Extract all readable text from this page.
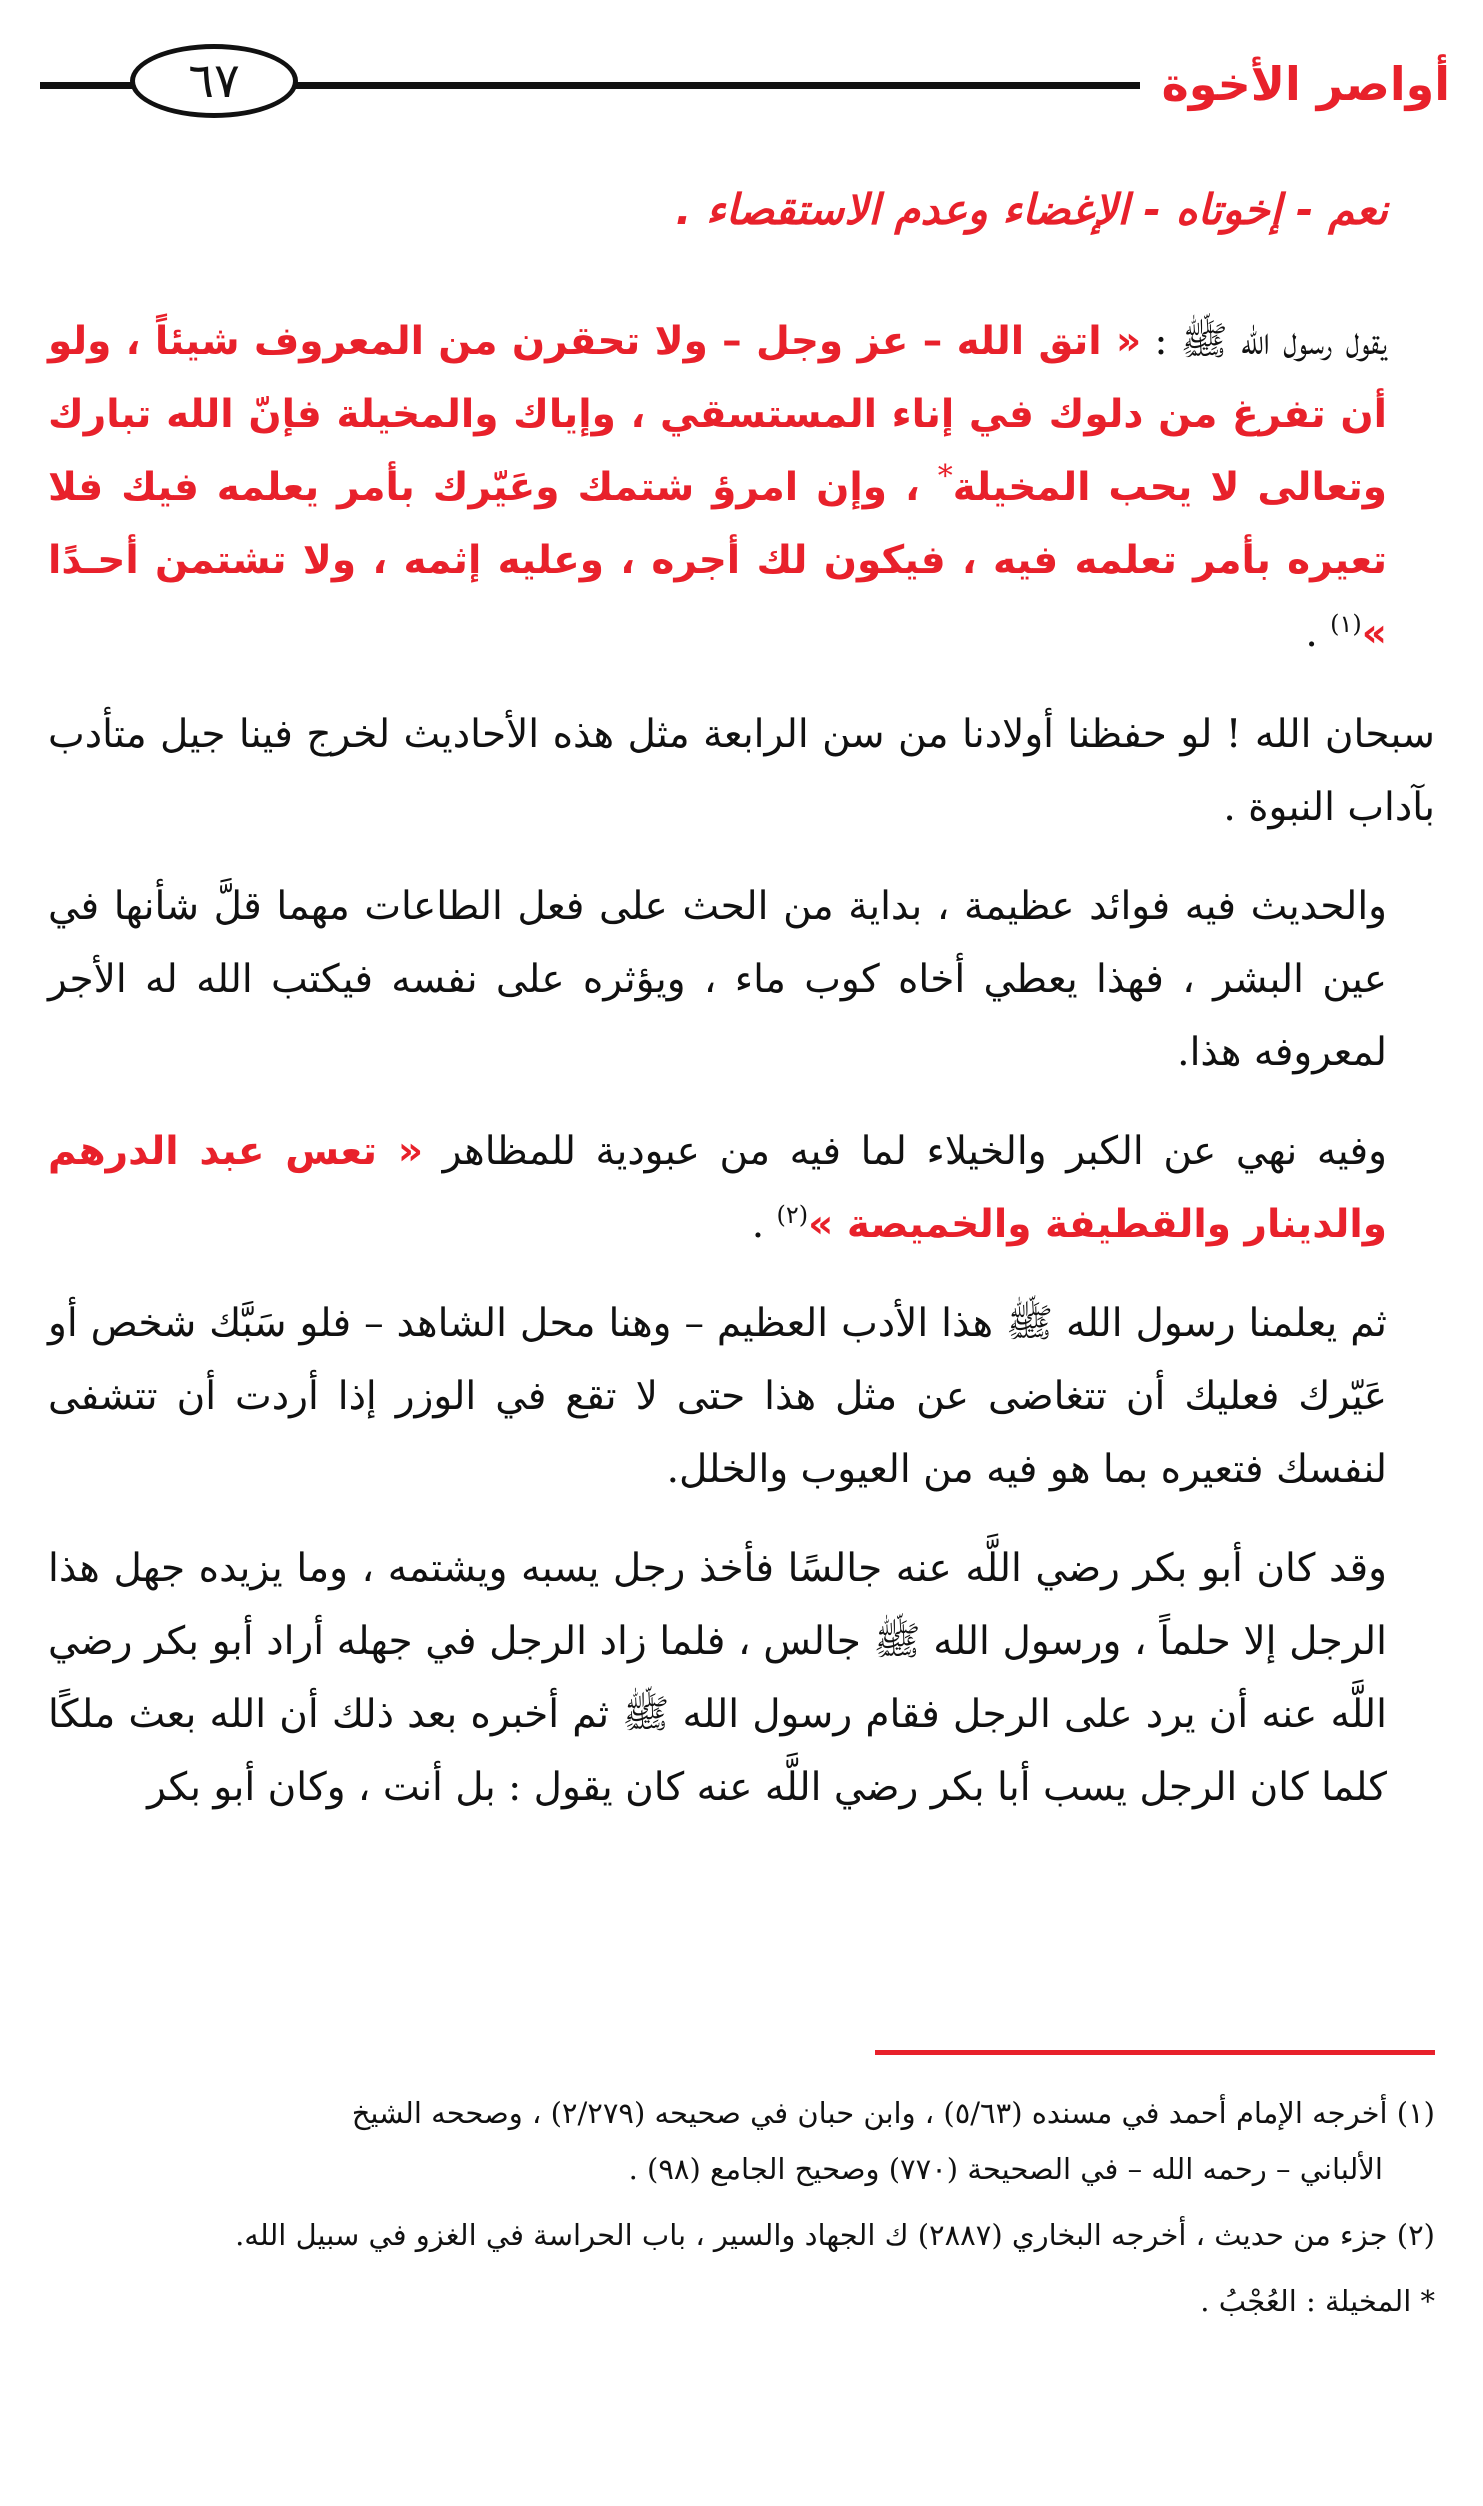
أواصر الأخوة
٦٧
نعم - إخوتاه - الإغضاء وعدم الاستقصاء .

يقول رسول الله ﷺ : « اتق الله – عز وجل – ولا تحقرن من المعروف شيئاً ، ولو أن تفرغ من دلوك في إناء المستسقي ، وإياك والمخيلة فإنّ الله تبارك وتعالى لا يحب المخيلة* ، وإن امرؤ شتمك وعَيّرك بأمر يعلمه فيك فلا تعيره بأمر تعلمه فيه ، فيكون لك أجره ، وعليه إثمه ، ولا تشتمن أحـدًا »$^{(١)}$ .

سبحان الله ! لو حفظنا أولادنا من سن الرابعة مثل هذه الأحاديث لخرج فينا جيل متأدب بآداب النبوة .

والحديث فيه فوائد عظيمة ، بداية من الحث على فعل الطاعات مهما قلَّ شأنها في عين البشر ، فهذا يعطي أخاه كوب ماء ، ويؤثره على نفسه فيكتب الله له الأجر لمعروفه هذا.

وفيه نهي عن الكبر والخيلاء لما فيه من عبودية للمظاهر « تعس عبد الدرهم والدينار والقطيفة والخميصة »$^{(٢)}$ .

ثم يعلمنا رسول الله ﷺ هذا الأدب العظيم – وهنا محل الشاهد – فلو سَبَّك شخص أو عَيّرك فعليك أن تتغاضى عن مثل هذا حتى لا تقع في الوزر إذا أردت أن تتشفى لنفسك فتعيره بما هو فيه من العيوب والخلل.

وقد كان أبو بكر رضي اللَّه عنه جالسًا فأخذ رجل يسبه ويشتمه ، وما يزيده جهل هذا الرجل إلا حلماً ، ورسول الله ﷺ جالس ، فلما زاد الرجل في جهله أراد أبو بكر رضي اللَّه عنه أن يرد على الرجل فقام رسول الله ﷺ ثم أخبره بعد ذلك أن الله بعث ملكًا كلما كان الرجل يسب أبا بكر رضي اللَّه عنه كان يقول : بل أنت ، وكان أبو بكر

(١) أخرجه الإمام أحمد في مسنده (٥/٦٣) ، وابن حبان في صحيحه (٢/٢٧٩) ، وصححه الشيخ
الألباني – رحمه الله – في الصحيحة (٧٧٠) وصحيح الجامع (٩٨) .

(٢) جزء من حديث ، أخرجه البخاري (٢٨٨٧) ك الجهاد والسير ، باب الحراسة في الغزو في سبيل الله.

* المخيلة : العُجْبُ .
